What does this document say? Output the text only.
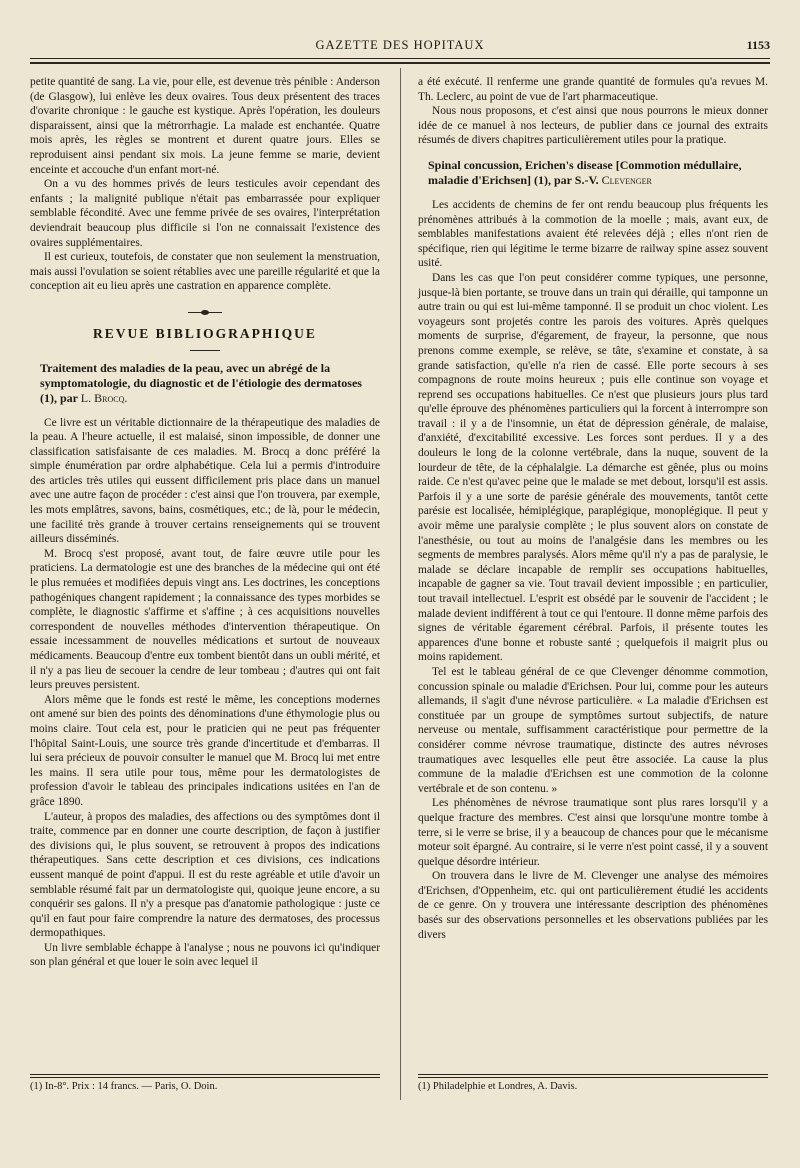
GAZETTE DES HOPITAUX	1153

petite quantité de sang. La vie, pour elle, est devenue très pénible : Anderson (de Glasgow), lui enlève les deux ovaires. Tous deux présentent des traces d'ovarite chronique : le gauche est kystique. Après l'opération, les douleurs disparaissent, ainsi que la métrorrhagie. La malade est enchantée. Quatre mois après, les règles se montrent et durent quatre jours. Elles se reproduisent ainsi pendant six mois. La jeune femme se marie, devient enceinte et accouche d'un enfant mort-né.

On a vu des hommes privés de leurs testicules avoir cependant des enfants ; la malignité publique n'était pas embarrassée pour expliquer semblable fécondité. Avec une femme privée de ses ovaires, l'interprétation deviendrait beaucoup plus difficile si l'on ne connaissait l'existence des ovaires supplémentaires.

Il est curieux, toutefois, de constater que non seulement la menstruation, mais aussi l'ovulation se soient rétablies avec une pareille régularité et que la conception ait eu lieu après une castration en apparence complète.

REVUE BIBLIOGRAPHIQUE

Traitement des maladies de la peau, avec un abrégé de la symptomatologie, du diagnostic et de l'étiologie des dermatoses (1), par L. Brocq.

Ce livre est un véritable dictionnaire de la thérapeutique des maladies de la peau. A l'heure actuelle, il est malaisé, sinon impossible, de donner une classification satisfaisante de ces maladies. M. Brocq a donc préféré la simple énumération par ordre alphabétique. Cela lui a permis d'introduire des articles très utiles qui eussent difficilement pris place dans un manuel avec une autre façon de procéder : c'est ainsi que l'on trouvera, par exemple, les mots emplâtres, savons, bains, cosmétiques, etc.; de là, pour le médecin, une facilité très grande à trouver certains renseignements qui se trouvent ailleurs disséminés.

M. Brocq s'est proposé, avant tout, de faire œuvre utile pour les praticiens. La dermatologie est une des branches de la médecine qui ont été le plus remuées et modifiées depuis vingt ans. Les doctrines, les conceptions pathogéniques changent rapidement ; la connaissance des types morbides se complète, le diagnostic s'affirme et s'affine ; à ces acquisitions nouvelles correspondent de nouvelles méthodes d'intervention thérapeutique. On essaie incessamment de nouvelles médications et surtout de nouveaux médicaments. Beaucoup d'entre eux tombent bientôt dans un oubli mérité, et il n'y a pas lieu de secouer la cendre de leur tombeau ; d'autres qui ont fait leurs preuves persistent.

Alors même que le fonds est resté le même, les conceptions modernes ont amené sur bien des points des dénominations d'une éthymologie plus ou moins claire. Tout cela est, pour le praticien qui ne peut pas fréquenter l'hôpital Saint-Louis, une source très grande d'incertitude et d'embarras. Il lui sera précieux de pouvoir consulter le manuel que M. Brocq lui met entre les mains. Il sera utile pour tous, même pour les dermatologistes de profession d'avoir le tableau des principales indications usitées en l'an de grâce 1890.

L'auteur, à propos des maladies, des affections ou des symptômes dont il traite, commence par en donner une courte description, de façon à justifier des divisions qui, le plus souvent, se retrouvent à propos des indications thérapeutiques. Sans cette description et ces divisions, ces indications eussent manqué de point d'appui. Il est du reste agréable et utile d'avoir un semblable résumé fait par un dermatologiste qui, quoique jeune encore, a su conquérir ses galons. Il n'y a presque pas d'anatomie pathologique : juste ce qu'il en faut pour faire comprendre la nature des dermatoses, des processus dermopathiques.

Un livre semblable échappe à l'analyse ; nous ne pouvons ici qu'indiquer son plan général et que louer le soin avec lequel il

a été exécuté. Il renferme une grande quantité de formules qu'a revues M. Th. Leclerc, au point de vue de l'art pharmaceutique.

Nous nous proposons, et c'est ainsi que nous pourrons le mieux donner idée de ce manuel à nos lecteurs, de publier dans ce journal des extraits résumés de divers chapitres particulièrement utiles pour la pratique.

Spinal concussion, Erichen's disease [Commotion médullaire, maladie d'Erichsen] (1), par S.-V. Clevenger

Les accidents de chemins de fer ont rendu beaucoup plus fréquents les prénomènes attribués à la commotion de la moelle ; mais, avant eux, de semblables manifestations avaient été relevées déjà ; elles n'ont rien de spécifique, rien qui légitime le terme bizarre de railway spine assez souvent usité.

Dans les cas que l'on peut considérer comme typiques, une personne, jusque-là bien portante, se trouve dans un train qui déraille, qui tamponne un autre train ou qui est lui-même tamponné. Il se produit un choc violent. Les voyageurs sont projetés contre les parois des voitures. Après quelques moments de surprise, d'égarement, de frayeur, la personne, que nous prenons comme exemple, se relève, se tâte, s'examine et constate, à sa grande satisfaction, qu'elle n'a rien de cassé. Elle porte secours à ses compagnons de route moins heureux ; puis elle continue son voyage et reprend ses occupations habituelles. Ce n'est que plusieurs jours plus tard qu'elle éprouve des phénomènes particuliers qui la forcent à interrompre son travail : il y a de l'insomnie, un état de dépression générale, de malaise, d'anxiété, d'excitabilité excessive. Les forces sont perdues. Il y a des douleurs le long de la colonne vertébrale, dans la nuque, souvent de la lourdeur de tête, de la céphalalgie. La démarche est gênée, plus ou moins raide. Ce n'est qu'avec peine que le malade se met debout, lorsqu'il est assis. Parfois il y a une sorte de parésie générale des mouvements, tantôt cette parésie est localisée, hémiplégique, paraplégique, monoplégique. Il peut y avoir même une paralysie complète ; le plus souvent alors on constate de l'anesthésie, ou tout au moins de l'analgésie dans les membres ou les segments de membres paralysés. Alors même qu'il n'y a pas de paralysie, le malade se déclare incapable de remplir ses occupations habituelles, incapable de gagner sa vie. Tout travail devient impossible ; en particulier, tout travail intellectuel. L'esprit est obsédé par le souvenir de l'accident ; le malade devient indifférent à tout ce qui l'entoure. Il donne même parfois des signes de véritable égarement cérébral. Parfois, il présente toutes les apparences d'une bonne et robuste santé ; quelquefois il maigrit plus ou moins rapidement.

Tel est le tableau général de ce que Clevenger dénomme commotion, concussion spinale ou maladie d'Erichsen. Pour lui, comme pour les auteurs allemands, il s'agit d'une névrose particulière. « La maladie d'Erichsen est constituée par un groupe de symptômes surtout subjectifs, de nature nerveuse ou mentale, suffisamment caractéristique pour permettre de la considérer comme névrose traumatique, distincte des autres névroses traumatiques avec lesquelles elle peut être associée. La cause la plus commune de la maladie d'Erichsen est une commotion de la colonne vertébrale et de son contenu. »

Les phénomènes de névrose traumatique sont plus rares lorsqu'il y a quelque fracture des membres. C'est ainsi que lorsqu'une montre tombe à terre, si le verre se brise, il y a beaucoup de chances pour que le mécanisme moteur soit épargné. Au contraire, si le verre n'est point cassé, il y a souvent quelque désordre intérieur.

On trouvera dans le livre de M. Clevenger une analyse des mémoires d'Erichsen, d'Oppenheim, etc. qui ont particulièrement étudié les accidents de ce genre. On y trouvera une intéressante description des phénomènes basés sur des observations personnelles et les observations publiées par les divers

(1) In-8°. Prix : 14 francs. — Paris, O. Doin.	(1) Philadelphie et Londres, A. Davis.
